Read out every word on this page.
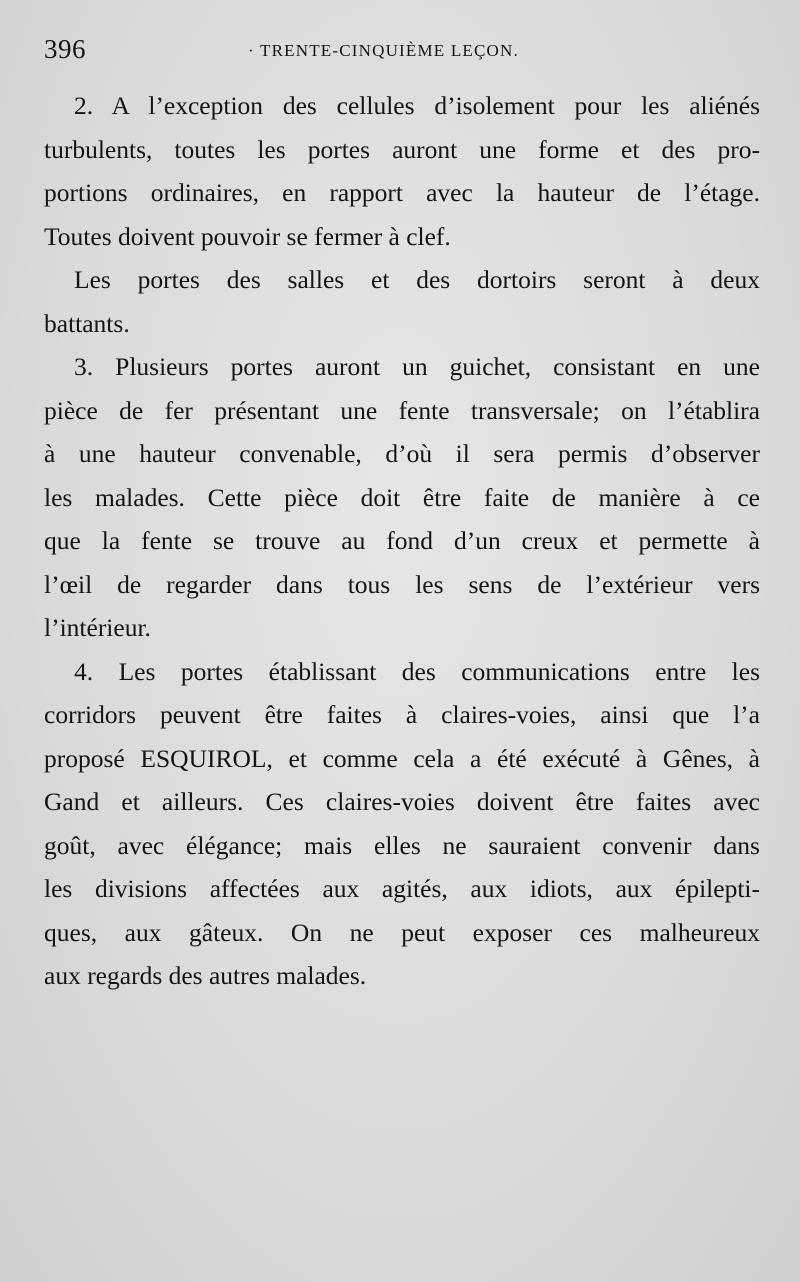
396	· TRENTE-CINQUIÈME LEÇON.
2. A l’exception des cellules d’isolement pour les aliénés
turbulents, toutes les portes auront une forme et des pro-
portions ordinaires, en rapport avec la hauteur de l’étage.
Toutes doivent pouvoir se fermer à clef.
Les portes des salles et des dortoirs seront à deux
battants.
3. Plusieurs portes auront un guichet, consistant en une
pièce de fer présentant une fente transversale; on l’établira
à une hauteur convenable, d’où il sera permis d’observer
les malades. Cette pièce doit être faite de manière à ce
que la fente se trouve au fond d’un creux et permette à
l’œil de regarder dans tous les sens de l’extérieur vers
l’intérieur.
4. Les portes établissant des communications entre les
corridors peuvent être faites à claires-voies, ainsi que l’a
proposé ESQUIROL, et comme cela a été exécuté à Gênes, à
Gand et ailleurs. Ces claires-voies doivent être faites avec
goût, avec élégance; mais elles ne sauraient convenir dans
les divisions affectées aux agités, aux idiots, aux épilepti-
ques, aux gâteux. On ne peut exposer ces malheureux
aux regards des autres malades.
